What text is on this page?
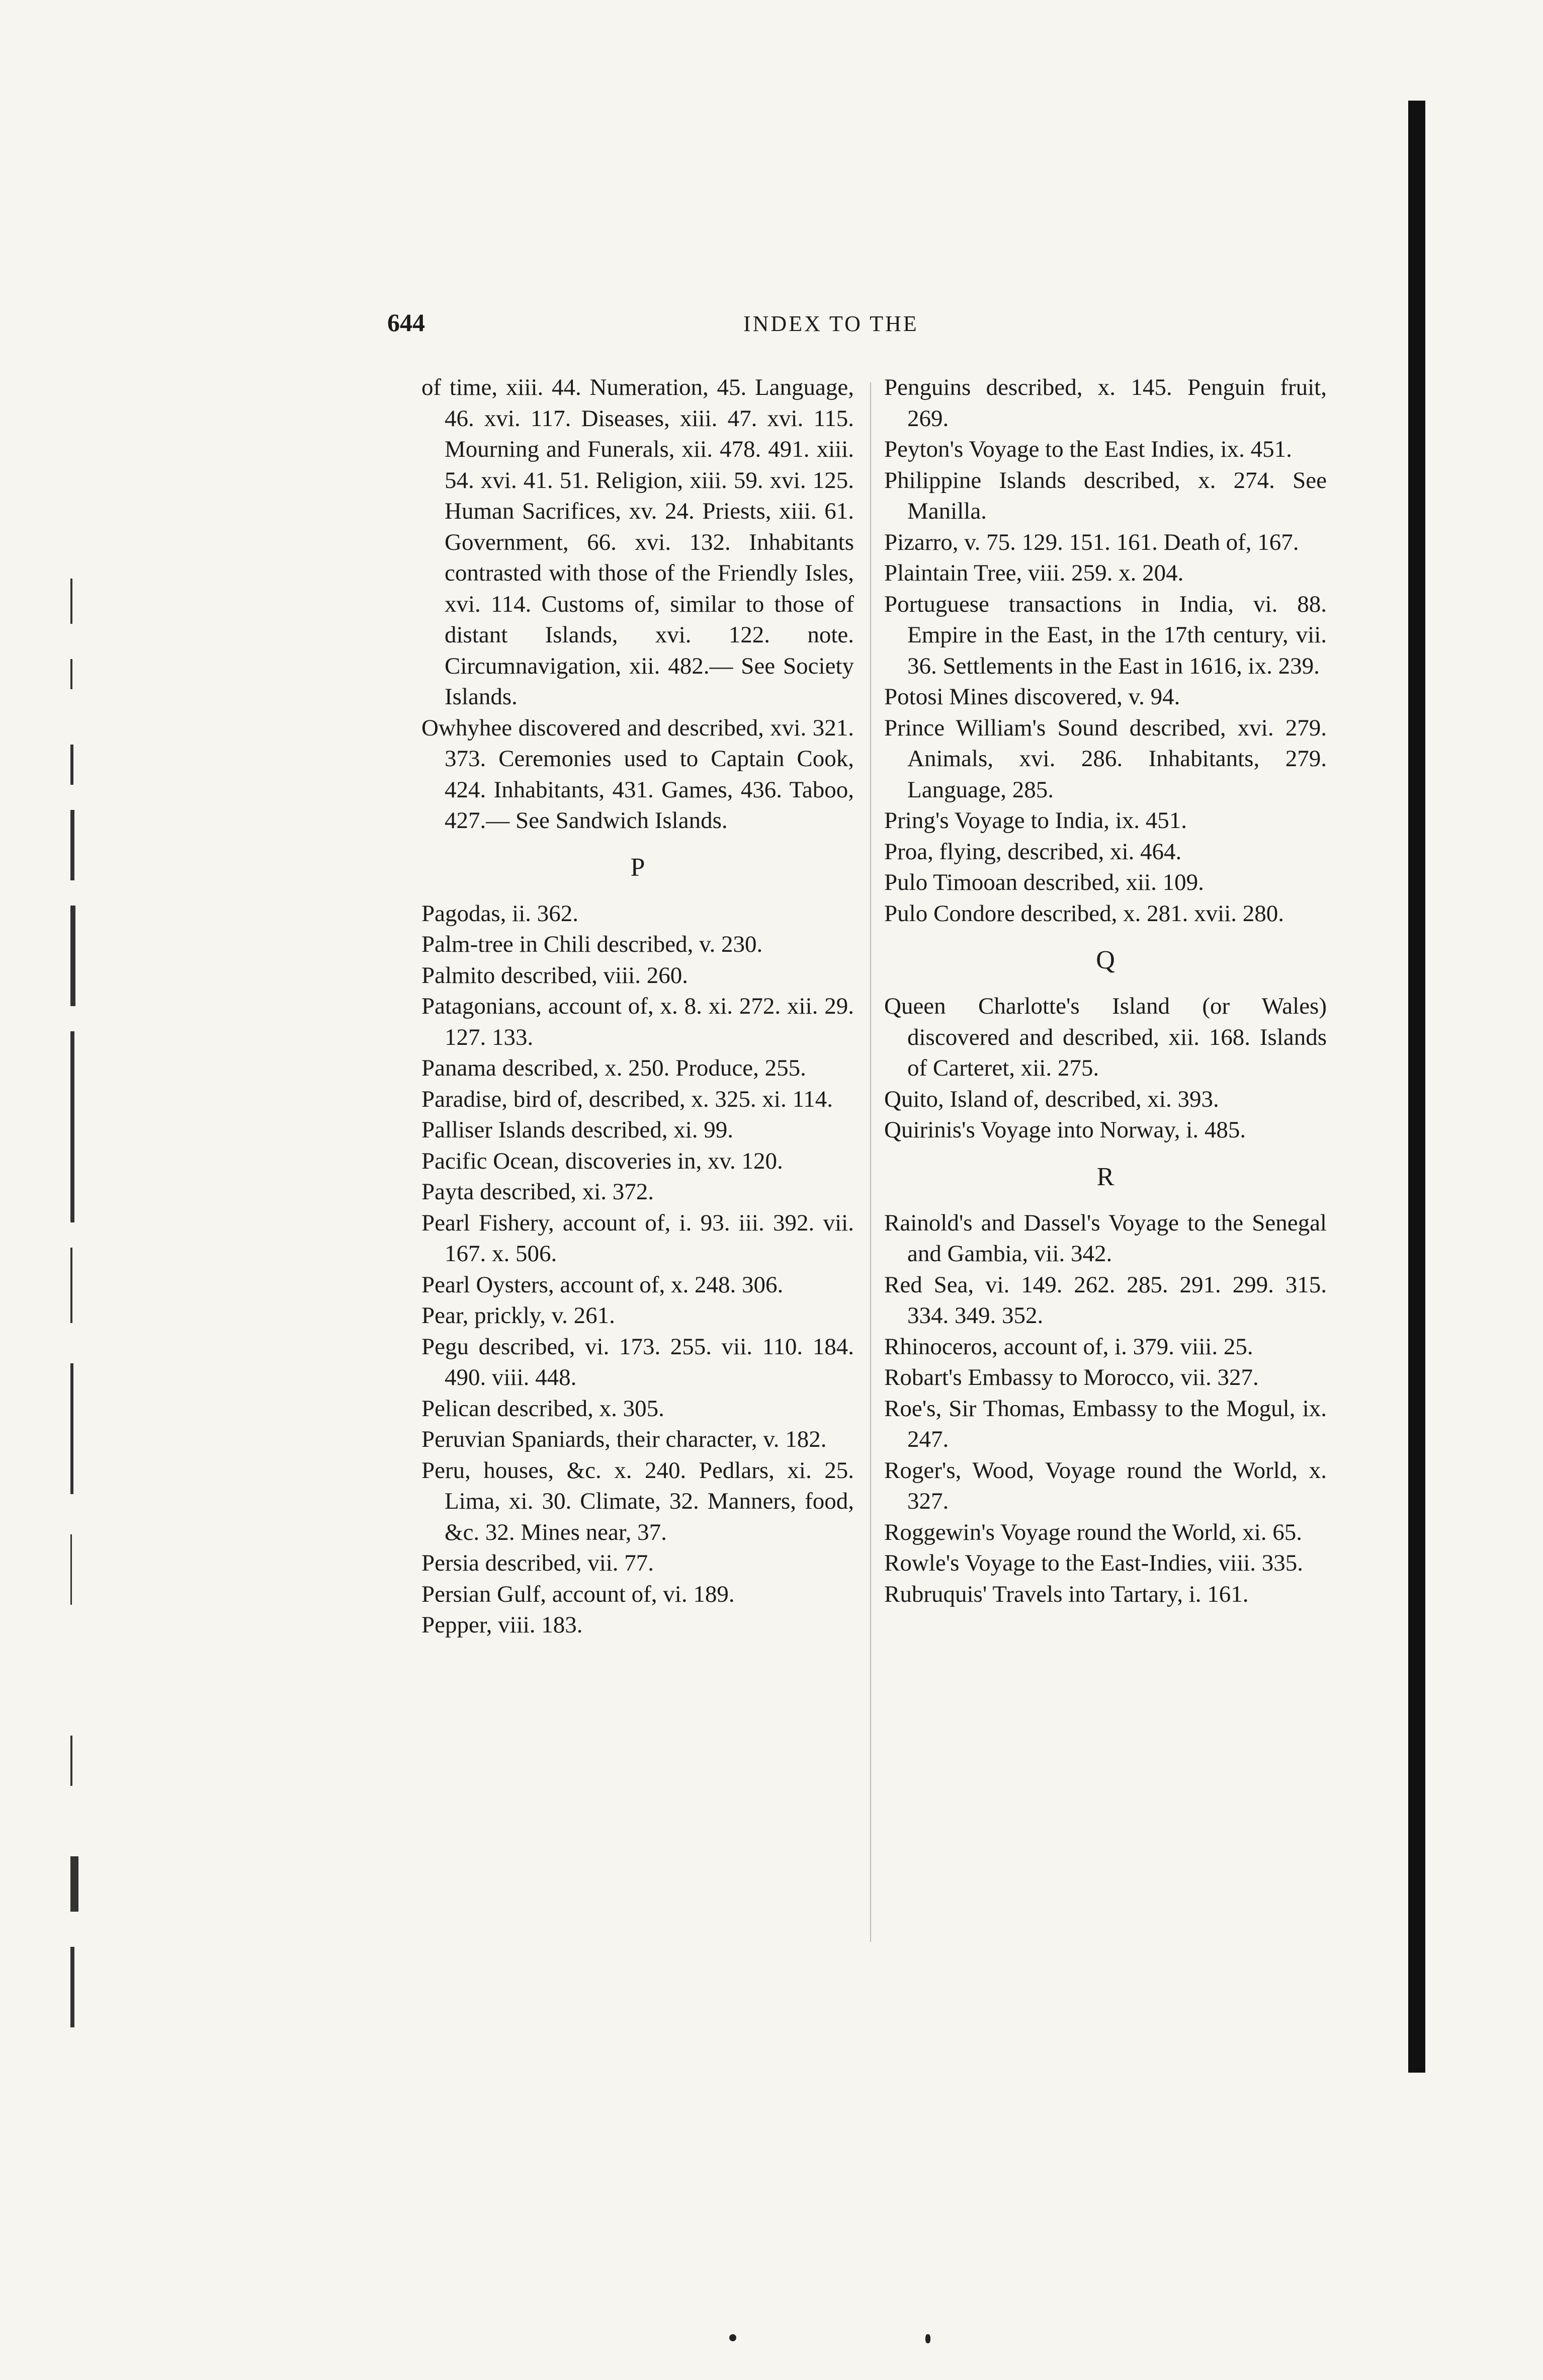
644	INDEX TO THE

of time, xiii. 44. Numeration, 45. Language, 46. xvi. 117. Diseases, xiii. 47. xvi. 115. Mourning and Funerals, xii. 478. 491. xiii. 54. xvi. 41. 51. Religion, xiii. 59. xvi. 125. Human Sacrifices, xv. 24. Priests, xiii. 61. Government, 66. xvi. 132. Inhabitants contrasted with those of the Friendly Isles, xvi. 114. Customs of, similar to those of distant Islands, xvi. 122. note. Circumnavigation, xii. 482.— See Society Islands.

Owhyhee discovered and described, xvi. 321. 373. Ceremonies used to Captain Cook, 424. Inhabitants, 431. Games, 436. Taboo, 427.— See Sandwich Islands.

P

Pagodas, ii. 362.

Palm-tree in Chili described, v. 230.

Palmito described, viii. 260.

Patagonians, account of, x. 8. xi. 272. xii. 29. 127. 133.

Panama described, x. 250. Produce, 255.

Paradise, bird of, described, x. 325. xi. 114.

Palliser Islands described, xi. 99.

Pacific Ocean, discoveries in, xv. 120.

Payta described, xi. 372.

Pearl Fishery, account of, i. 93. iii. 392. vii. 167. x. 506.

Pearl Oysters, account of, x. 248. 306.

Pear, prickly, v. 261.

Pegu described, vi. 173. 255. vii. 110. 184. 490. viii. 448.

Pelican described, x. 305.

Peruvian Spaniards, their character, v. 182.

Peru, houses, &c. x. 240. Pedlars, xi. 25. Lima, xi. 30. Climate, 32. Manners, food, &c. 32. Mines near, 37.

Persia described, vii. 77.

Persian Gulf, account of, vi. 189.

Pepper, viii. 183.

Penguins described, x. 145. Penguin fruit, 269.

Peyton's Voyage to the East Indies, ix. 451.

Philippine Islands described, x. 274. See Manilla.

Pizarro, v. 75. 129. 151. 161. Death of, 167.

Plaintain Tree, viii. 259. x. 204.

Portuguese transactions in India, vi. 88. Empire in the East, in the 17th century, vii. 36. Settlements in the East in 1616, ix. 239.

Potosi Mines discovered, v. 94.

Prince William's Sound described, xvi. 279. Animals, xvi. 286. Inhabitants, 279. Language, 285.

Pring's Voyage to India, ix. 451.

Proa, flying, described, xi. 464.

Pulo Timooan described, xii. 109.

Pulo Condore described, x. 281. xvii. 280.

Q

Queen Charlotte's Island (or Wales) discovered and described, xii. 168. Islands of Carteret, xii. 275.

Quito, Island of, described, xi. 393.

Quirinis's Voyage into Norway, i. 485.

R

Rainold's and Dassel's Voyage to the Senegal and Gambia, vii. 342.

Red Sea, vi. 149. 262. 285. 291. 299. 315. 334. 349. 352.

Rhinoceros, account of, i. 379. viii. 25.

Robart's Embassy to Morocco, vii. 327.

Roe's, Sir Thomas, Embassy to the Mogul, ix. 247.

Roger's, Wood, Voyage round the World, x. 327.

Roggewin's Voyage round the World, xi. 65.

Rowle's Voyage to the East-Indies, viii. 335.

Rubruquis' Travels into Tartary, i. 161.
